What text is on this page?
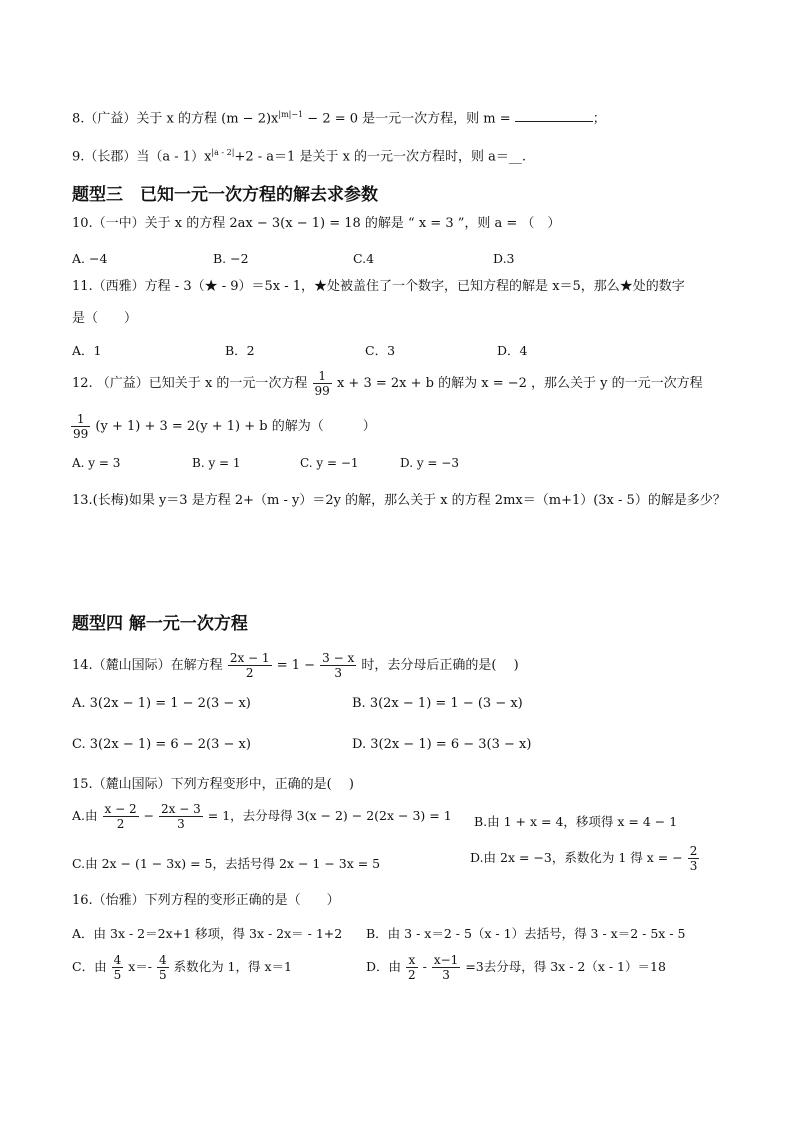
8.（广益）关于 x 的方程 $(m - 2)x^{|m|-1} - 2 = 0$ 是一元一次方程，则 m =	；
9.（长郡）当$(a - 1)x^{|a - 2|}+2 - a=1$ 是关于 x 的一元一次方程时，则 a＝__.
题型三　已知一元一次方程的解去求参数
10.（一中）关于 x 的方程 2ax − 3(x − 1) = 18 的解是 “ x = 3 ”，则 a = （　）
A. −4	B. −2	C.4	D.3
11.（西雅）方程 - 3（★ - 9）＝5x - 1，★处被盖住了一个数字，已知方程的解是 x＝5，那么★处的数字
是（　　）
A．1	B．2	C．3	D．4
12. （广益）已知关于 x 的一元一次方程 $\frac{1}{99}$ x + 3 = 2x + b 的解为 x = −2 ，那么关于 y 的一元一次方程
$\frac{1}{99} (y + 1) + 3 = 2(y + 1) + b$ 的解为（　　　）
A. y = 3	B. y = 1	C. y = −1	D. y = −3
13.(长梅)如果 y＝3 是方程 2+（m - y）＝2y 的解，那么关于 x 的方程 2mx＝（m+1）(3x - 5）的解是多少？
题型四 解一元一次方程
14.（麓山国际）在解方程 $\frac{2x - 1}{2} = 1 - \frac{3 - x}{3}$ 时，去分母后正确的是(　 )
A. 3(2x − 1) = 1 − 2(3 − x)	B. 3(2x − 1) = 1 − (3 − x)
C. 3(2x − 1) = 6 − 2(3 − x)	D. 3(2x − 1) = 6 − 3(3 − x)
15.（麓山国际）下列方程变形中，正确的是(　 )
A.由 $\frac{x - 2}{2} - \frac{2x - 3}{3} = 1$，去分母得 3(x − 2) − 2(2x − 3) = 1 B.由 1 + x = 4，移项得 x = 4 − 1
C.由 2x − (1 − 3x) = 5，去括号得 2x − 1 − 3x = 5	D.由 2x = −3，系数化为 1 得 x = − $\frac{2}{3}$
16.（怡雅）下列方程的变形正确的是（　　）
A．由 3x - 2＝2x+1 移项，得 3x - 2x＝ - 1+2 B．由 3 - x＝2 - 5（x - 1）去括号，得 3 - x＝2 - 5x - 5
C．由 $\frac{4}{5} x=- \frac{4}{5}$ 系数化为 1，得 x＝1	D．由 $\frac{x}{2} - \frac{x-1}{3} =3$去分母，得 3x - 2（x - 1）＝18
